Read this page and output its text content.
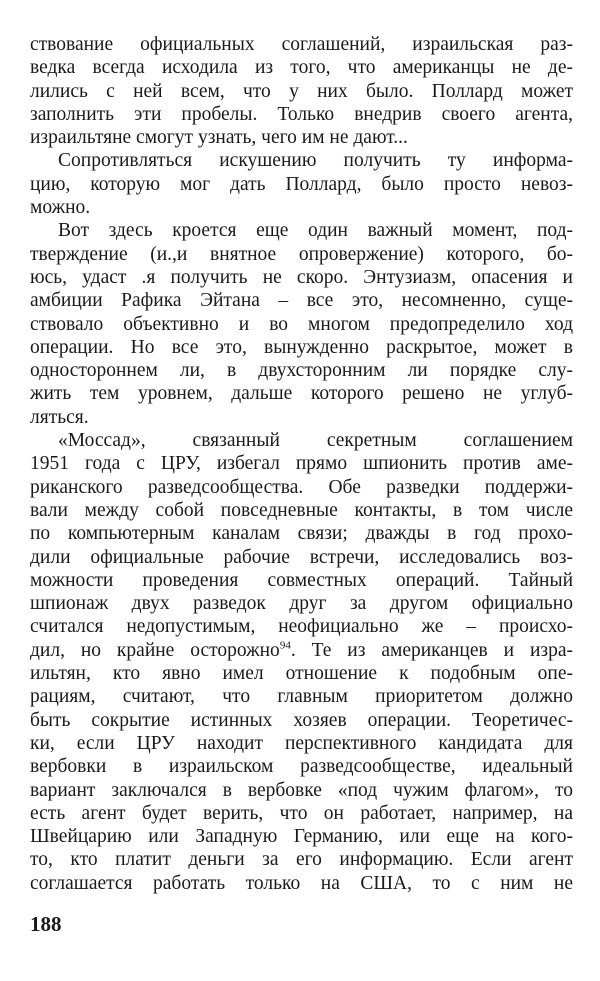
ствование официальных соглашений, израильская раз-
ведка всегда исходила из того, что американцы не де-
лились с ней всем, что у них было. Поллард может
заполнить эти пробелы. Только внедрив своего агента,
израильтяне смогут узнать, чего им не дают...
Сопротивляться искушению получить ту информа-
цию, которую мог дать Поллард, было просто невоз-
можно.
Вот здесь кроется еще один важный момент, под-
тверждение (и.,и внятное опровержение) которого, бо-
юсь, удаст .я получить не скоро. Энтузиазм, опасения и
амбиции Рафика Эйтана – все это, несомненно, суще-
ствовало объективно и во многом предопределило ход
операции. Но все это, вынужденно раскрытое, может в
одностороннем ли, в двухсторонним ли порядке слу-
жить тем уровнем, дальше которого решено не углуб-
ляться.
«Моссад», связанный секретным соглашением
1951 года с ЦРУ, избегал прямо шпионить против аме-
риканского разведсообщества. Обе разведки поддержи-
вали между собой повседневные контакты, в том числе
по компьютерным каналам связи; дважды в год прохо-
дили официальные рабочие встречи, исследовались воз-
можности проведения совместных операций. Тайный
шпионаж двух разведок друг за другом официально
считался недопустимым, неофициально же – происхо-
дил, но крайне осторожно$^{94}$. Те из американцев и изра-
ильтян, кто явно имел отношение к подобным опе-
рациям, считают, что главным приоритетом должно
быть сокрытие истинных хозяев операции. Теоретичес-
ки, если ЦРУ находит перспективного кандидата для
вербовки в израильском разведсообществе, идеальный
вариант заключался в вербовке «под чужим флагом», то
есть агент будет верить, что он работает, например, на
Швейцарию или Западную Германию, или еще на кого-
то, кто платит деньги за его информацию. Если агент
соглашается работать только на США, то с ним не
188
